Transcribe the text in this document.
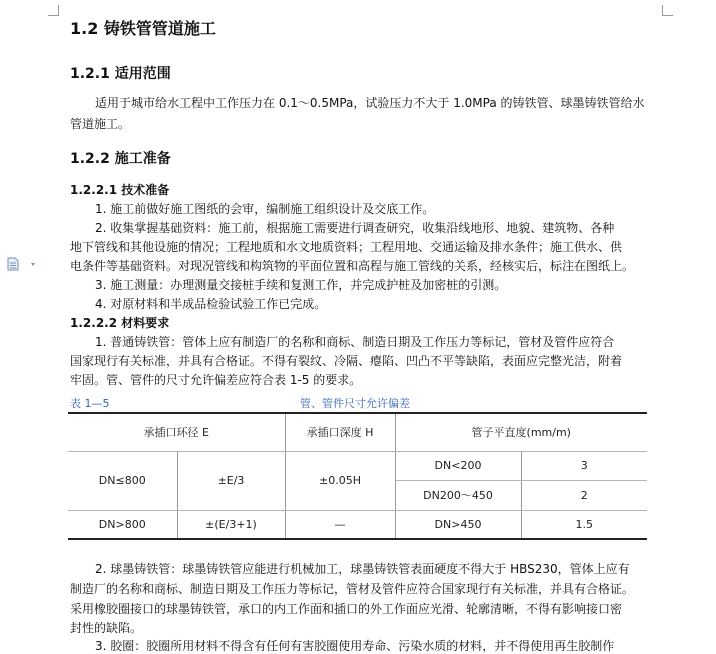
1.2 铸铁管管道施工
1.2.1 适用范围
适用于城市给水工程中工作压力在 0.1～0.5MPa，试验压力不大于 1.0MPa 的铸铁管、球墨铸铁管给水
管道施工。
1.2.2 施工准备
1.2.2.1 技术准备
1. 施工前做好施工图纸的会审，编制施工组织设计及交底工作。
2. 收集掌握基础资料：施工前，根据施工需要进行调查研究，收集沿线地形、地貌、建筑物、各种
地下管线和其他设施的情况；工程地质和水文地质资料；工程用地、交通运输及排水条件；施工供水、供
电条件等基础资料。对现况管线和构筑物的平面位置和高程与施工管线的关系，经核实后，标注在图纸上。
3. 施工测量：办理测量交接桩手续和复测工作，并完成护桩及加密桩的引测。
4. 对原材料和半成品检验试验工作已完成。
1.2.2.2 材料要求
1. 普通铸铁管：管体上应有制造厂的名称和商标、制造日期及工作压力等标记，管材及管件应符合
国家现行有关标准，并具有合格证。不得有裂纹、冷隔、瘪陷、凹凸不平等缺陷，表面应完整光洁，附着
牢固。管、管件的尺寸允许偏差应符合表 1-5 的要求。
表 1—5	管、管件尺寸允许偏差
承插口环径 E		承插口深度 H	管子平直度(mm/m)	
DN≤800	±E/3	±0.05H	DN<200	3
			DN200～450	2
DN>800	±(E/3+1)	—	DN>450	1.5
2. 球墨铸铁管：球墨铸铁管应能进行机械加工，球墨铸铁管表面硬度不得大于 HBS230，管体上应有
制造厂的名称和商标、制造日期及工作压力等标记，管材及管件应符合国家现行有关标准，并具有合格证。
采用橡胶圈接口的球墨铸铁管，承口的内工作面和插口的外工作面应光滑、轮廓清晰，不得有影响接口密
封性的缺陷。
3. 胶圈：胶圈所用材料不得含有任何有害胶圈使用寿命、污染水质的材料，并不得使用再生胶制作
